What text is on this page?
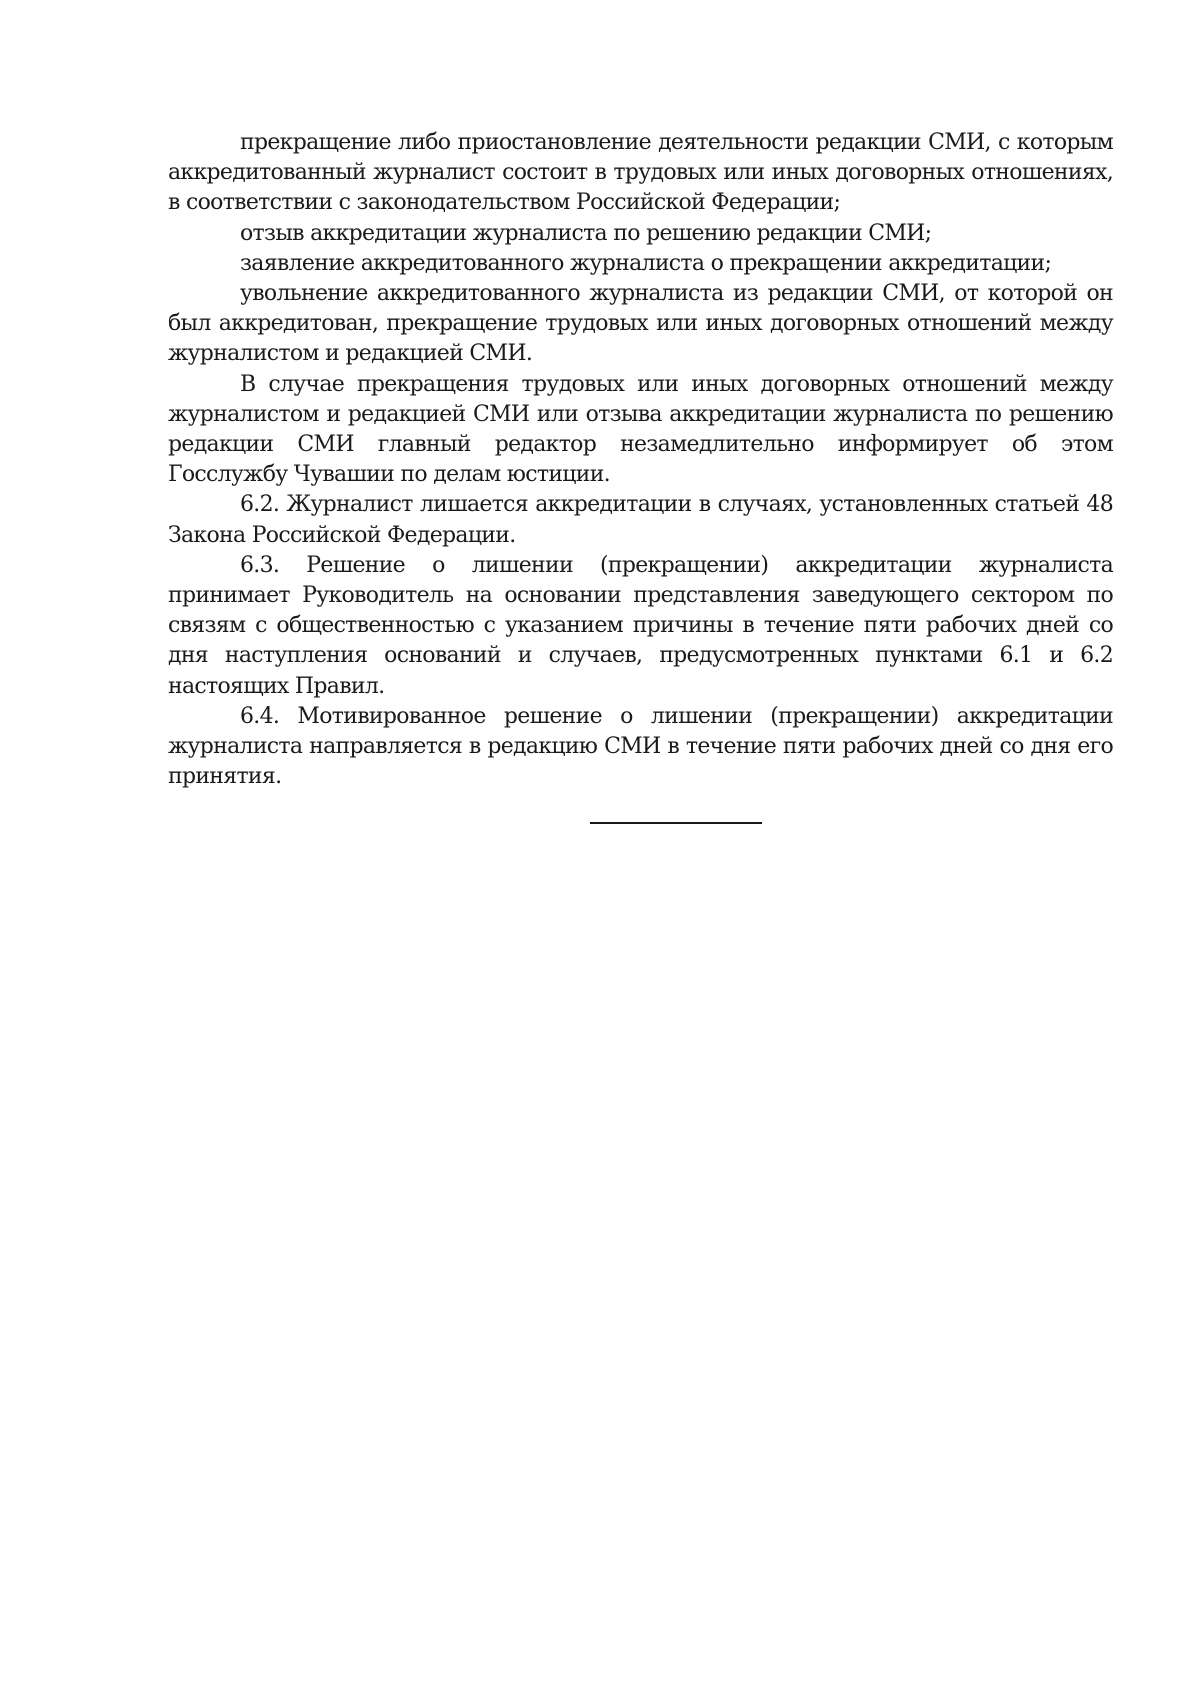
прекращение либо приостановление деятельности редакции СМИ, с которым аккредитованный журналист состоит в трудовых или иных договорных отношениях, в соответствии с законодательством Российской Федерации;

отзыв аккредитации журналиста по решению редакции СМИ;

заявление аккредитованного журналиста о прекращении аккредитации;

увольнение аккредитованного журналиста из редакции СМИ, от которой он был аккредитован, прекращение трудовых или иных договорных отношений между журналистом и редакцией СМИ.

В случае прекращения трудовых или иных договорных отношений между журналистом и редакцией СМИ или отзыва аккредитации журналиста по решению редакции СМИ главный редактор незамедлительно информирует об этом Госслужбу Чувашии по делам юстиции.

6.2. Журналист лишается аккредитации в случаях, установленных статьей 48 Закона Российской Федерации.

6.3. Решение о лишении (прекращении) аккредитации журналиста принимает Руководитель на основании представления заведующего сектором по связям с общественностью с указанием причины в течение пяти рабочих дней со дня наступления оснований и случаев, предусмотренных пунктами 6.1 и 6.2 настоящих Правил.

6.4. Мотивированное решение о лишении (прекращении) аккредитации журналиста направляется в редакцию СМИ в течение пяти рабочих дней со дня его принятия.
